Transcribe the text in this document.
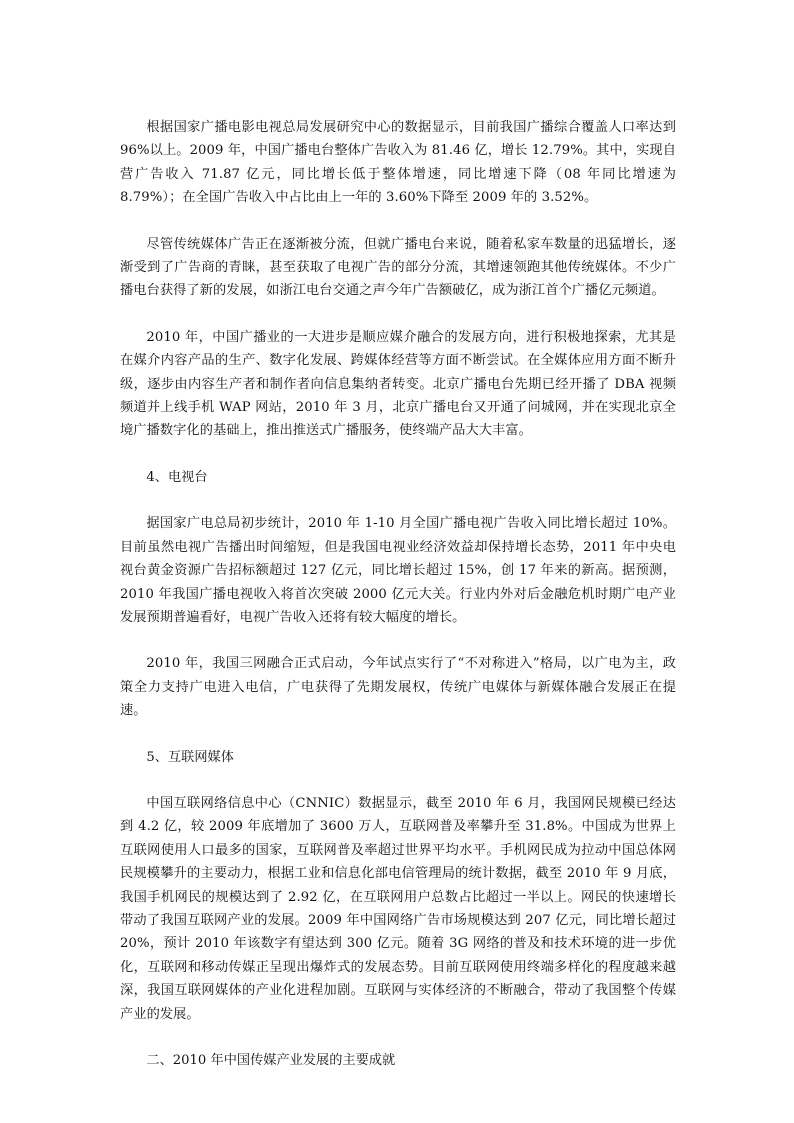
根据国家广播电影电视总局发展研究中心的数据显示，目前我国广播综合覆盖人口率达到 96%以上。2009 年，中国广播电台整体广告收入为 81.46 亿，增长 12.79%。其中，实现自营广告收入 71.87 亿元，同比增长低于整体增速，同比增速下降（08 年同比增速为 8.79%）；在全国广告收入中占比由上一年的 3.60%下降至 2009 年的 3.52%。

尽管传统媒体广告正在逐渐被分流，但就广播电台来说，随着私家车数量的迅猛增长，逐渐受到了广告商的青睐，甚至获取了电视广告的部分分流，其增速领跑其他传统媒体。不少广播电台获得了新的发展，如浙江电台交通之声今年广告额破亿，成为浙江首个广播亿元频道。

2010 年，中国广播业的一大进步是顺应媒介融合的发展方向，进行积极地探索，尤其是在媒介内容产品的生产、数字化发展、跨媒体经营等方面不断尝试。在全媒体应用方面不断升级，逐步由内容生产者和制作者向信息集纳者转变。北京广播电台先期已经开播了 DBA 视频频道并上线手机 WAP 网站，2010 年 3 月，北京广播电台又开通了问城网，并在实现北京全境广播数字化的基础上，推出推送式广播服务，使终端产品大大丰富。

4、电视台

据国家广电总局初步统计，2010 年 1-10 月全国广播电视广告收入同比增长超过 10%。目前虽然电视广告播出时间缩短，但是我国电视业经济效益却保持增长态势，2011 年中央电视台黄金资源广告招标额超过 127 亿元，同比增长超过 15%，创 17 年来的新高。据预测，2010 年我国广播电视收入将首次突破 2000 亿元大关。行业内外对后金融危机时期广电产业发展预期普遍看好，电视广告收入还将有较大幅度的增长。

2010 年，我国三网融合正式启动，今年试点实行了“不对称进入”格局，以广电为主，政策全力支持广电进入电信，广电获得了先期发展权，传统广电媒体与新媒体融合发展正在提速。

5、互联网媒体

中国互联网络信息中心（CNNIC）数据显示，截至 2010 年 6 月，我国网民规模已经达到 4.2 亿，较 2009 年底增加了 3600 万人，互联网普及率攀升至 31.8%。中国成为世界上互联网使用人口最多的国家，互联网普及率超过世界平均水平。手机网民成为拉动中国总体网民规模攀升的主要动力，根据工业和信息化部电信管理局的统计数据，截至 2010 年 9 月底，我国手机网民的规模达到了 2.92 亿，在互联网用户总数占比超过一半以上。网民的快速增长带动了我国互联网产业的发展。2009 年中国网络广告市场规模达到 207 亿元，同比增长超过 20%，预计 2010 年该数字有望达到 300 亿元。随着 3G 网络的普及和技术环境的进一步优化，互联网和移动传媒正呈现出爆炸式的发展态势。目前互联网使用终端多样化的程度越来越深，我国互联网媒体的产业化进程加剧。互联网与实体经济的不断融合，带动了我国整个传媒产业的发展。

二、2010 年中国传媒产业发展的主要成就
